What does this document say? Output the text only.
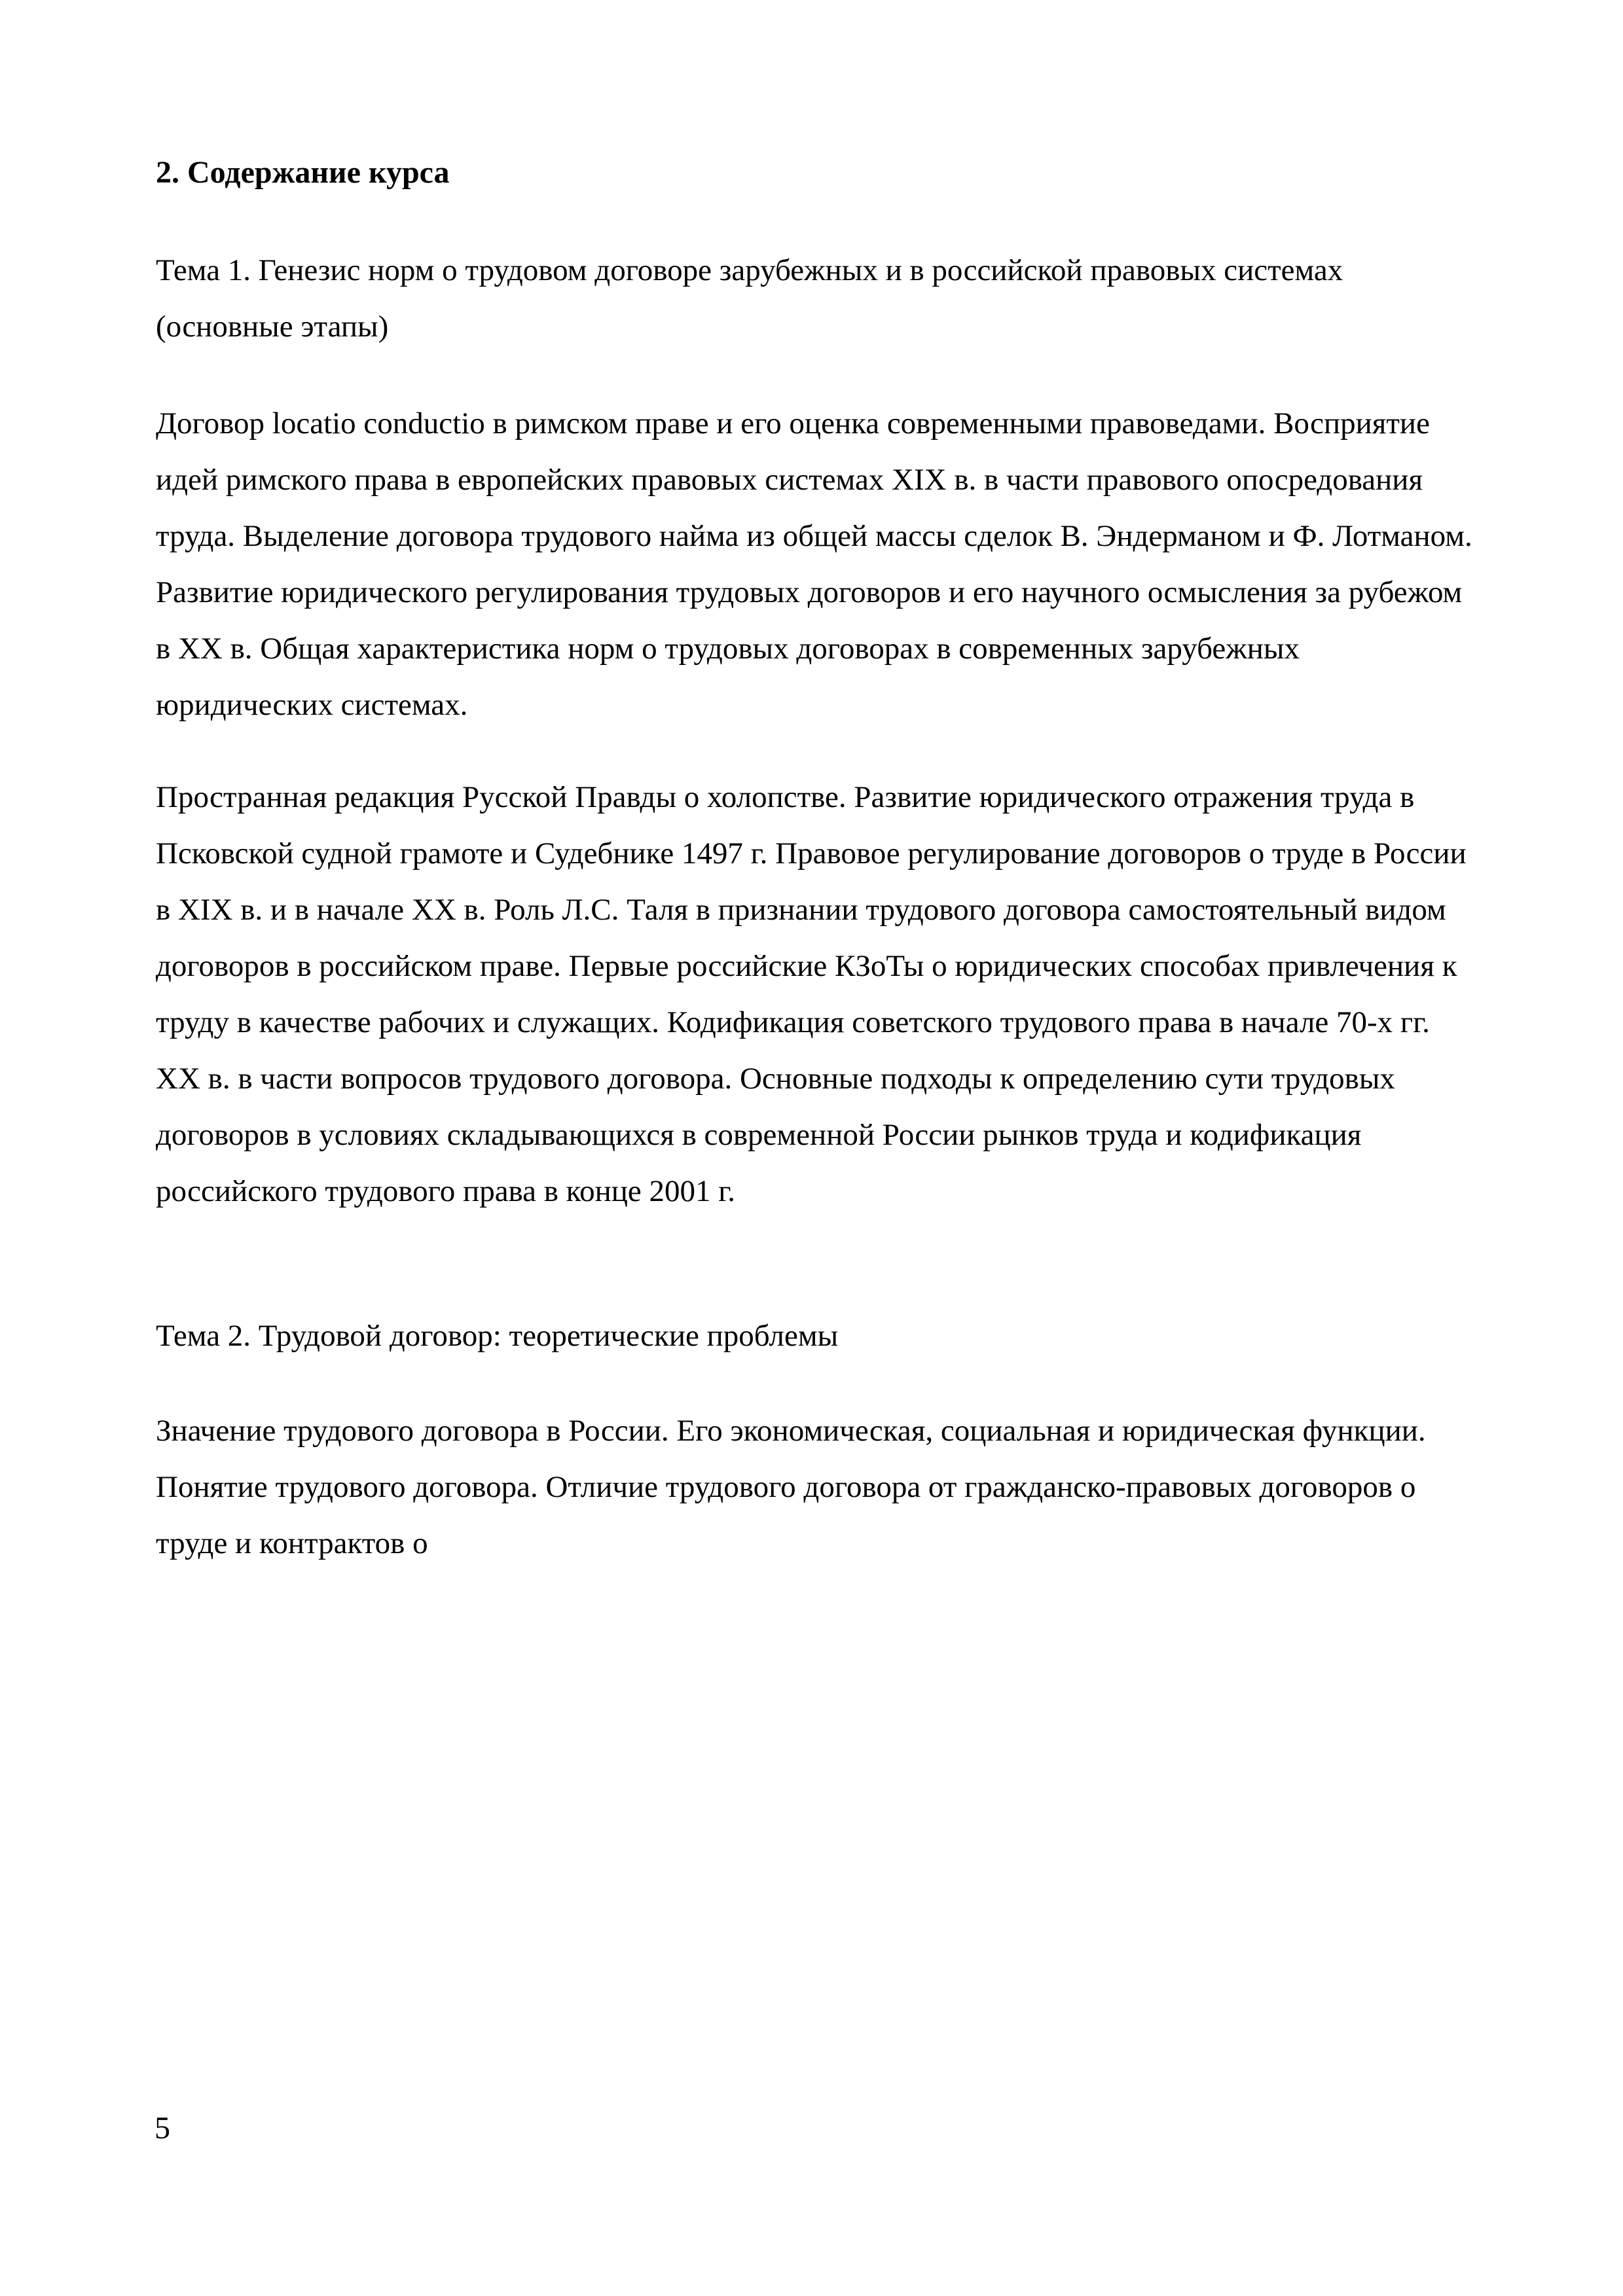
2. Содержание курса

Тема 1. Генезис норм о трудовом договоре зарубежных и в российской правовых системах (основные этапы)

Договор locatio conductio в римском праве и его оценка современными правоведами. Восприятие идей римского права в европейских правовых системах XIX в. в части правового опосредования труда. Выделение договора трудового найма из общей массы сделок В. Эндерманом и Ф. Лотманом. Развитие юридического регулирования трудовых договоров и его научного осмысления за рубежом в XX в. Общая характеристика норм о трудовых договорах в современных зарубежных юридических системах.

Пространная редакция Русской Правды о холопстве. Развитие юридического отражения труда в Псковской судной грамоте и Судебнике 1497 г. Правовое регулирование договоров о труде в России в XIX в. и в начале XX в. Роль Л.С. Таля в признании трудового договора самостоятельный видом договоров в российском праве. Первые российские КЗоТы о юридических способах привлечения к труду в качестве рабочих и служащих. Кодификация советского трудового права в начале 70-х гг. XX в. в части вопросов трудового договора. Основные подходы к определению сути трудовых договоров в условиях складывающихся в современной России рынков труда и кодификация российского трудового права в конце 2001 г.

Тема 2. Трудовой договор: теоретические проблемы

Значение трудового договора в России. Его экономическая, социальная и юридическая функции. Понятие трудового договора. Отличие трудового договора от гражданско-правовых договоров о труде и контрактов о

5
